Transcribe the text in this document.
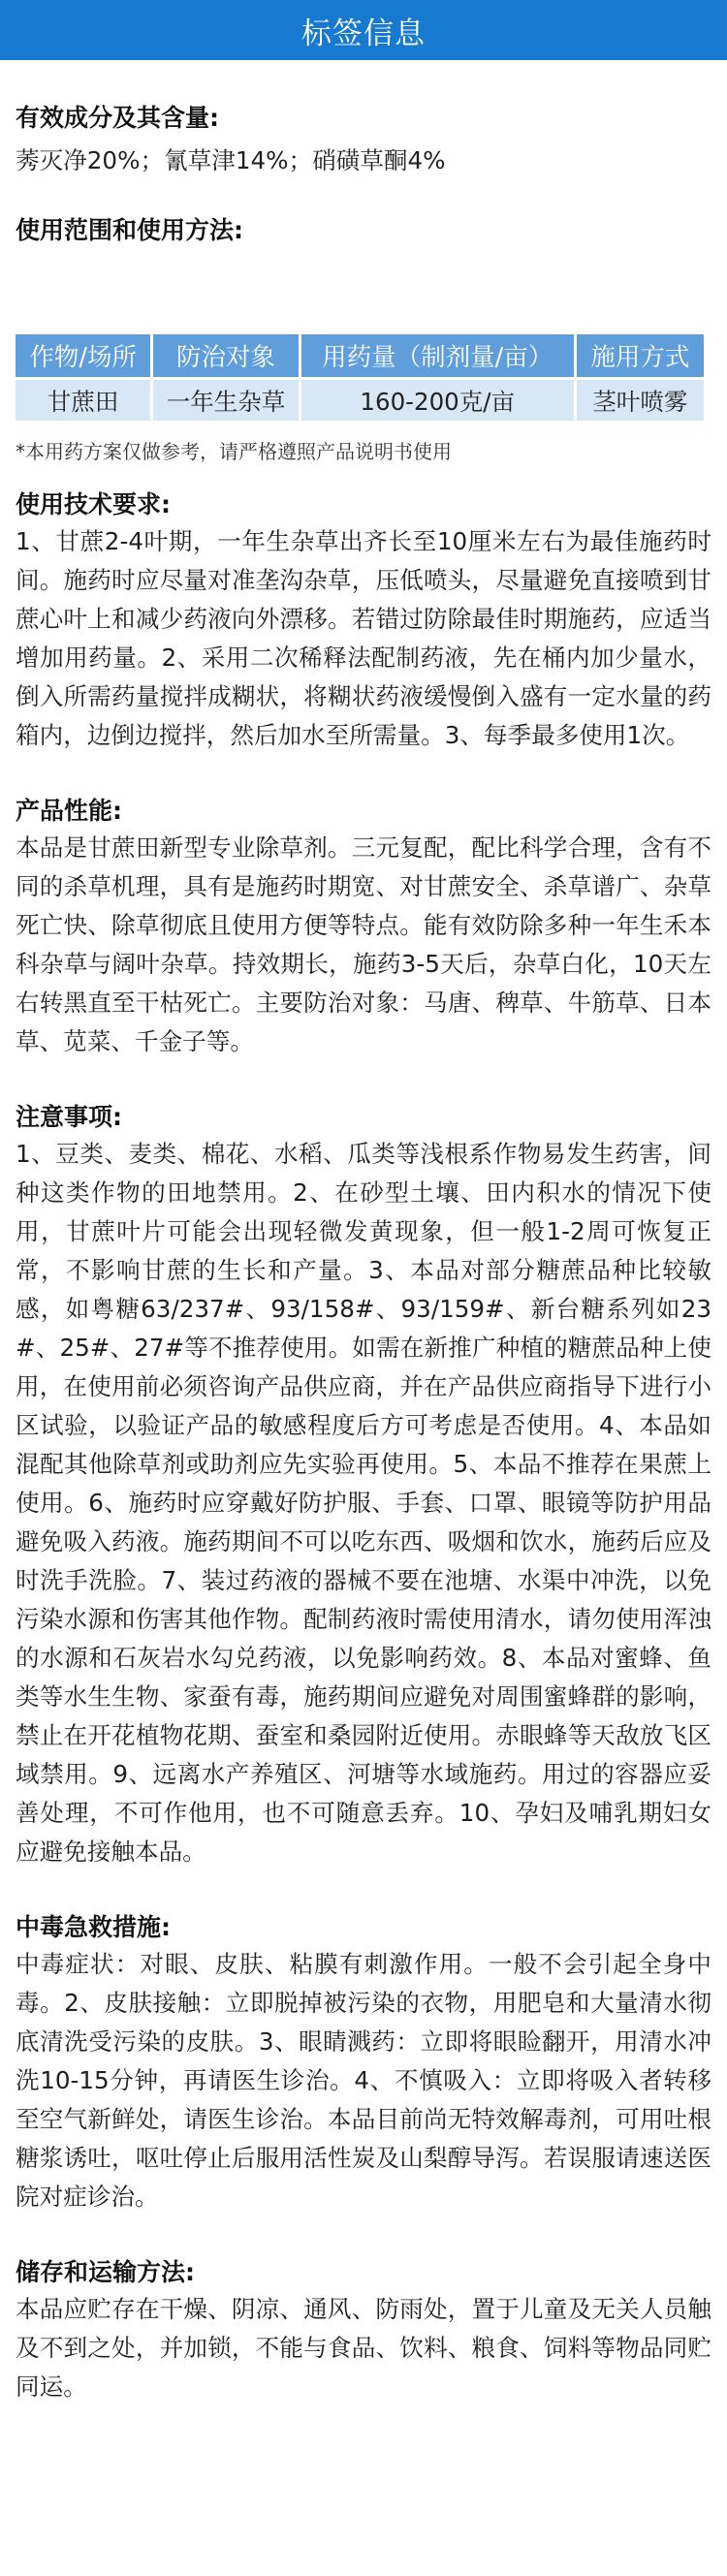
标签信息
有效成分及其含量:
莠灭净20%；氰草津14%；硝磺草酮4%
使用范围和使用方法:
作物/场所	防治对象	用药量（制剂量/亩）	施用方式
甘蔗田	一年生杂草	160-200克/亩	茎叶喷雾
*本用药方案仅做参考，请严格遵照产品说明书使用
使用技术要求:
1、甘蔗2-4叶期，一年生杂草出齐长至10厘米左右为最佳施药时间。施药时应尽量对准垄沟杂草，压低喷头，尽量避免直接喷到甘蔗心叶上和减少药液向外漂移。若错过防除最佳时期施药，应适当增加用药量。2、采用二次稀释法配制药液，先在桶内加少量水，倒入所需药量搅拌成糊状，将糊状药液缓慢倒入盛有一定水量的药箱内，边倒边搅拌，然后加水至所需量。3、每季最多使用1次。
产品性能:
本品是甘蔗田新型专业除草剂。三元复配，配比科学合理，含有不同的杀草机理，具有是施药时期宽、对甘蔗安全、杀草谱广、杂草死亡快、除草彻底且使用方便等特点。能有效防除多种一年生禾本科杂草与阔叶杂草。持效期长，施药3-5天后，杂草白化，10天左右转黑直至干枯死亡。主要防治对象：马唐、稗草、牛筋草、日本草、苋菜、千金子等。
注意事项:
1、豆类、麦类、棉花、水稻、瓜类等浅根系作物易发生药害，间种这类作物的田地禁用。2、在砂型土壤、田内积水的情况下使用，甘蔗叶片可能会出现轻微发黄现象，但一般1-2周可恢复正常，不影响甘蔗的生长和产量。3、本品对部分糖蔗品种比较敏感，如粤糖63/237#、93/158#、93/159#、新台糖系列如23#、25#、27#等不推荐使用。如需在新推广种植的糖蔗品种上使用，在使用前必须咨询产品供应商，并在产品供应商指导下进行小区试验，以验证产品的敏感程度后方可考虑是否使用。4、本品如混配其他除草剂或助剂应先实验再使用。5、本品不推荐在果蔗上使用。6、施药时应穿戴好防护服、手套、口罩、眼镜等防护用品避免吸入药液。施药期间不可以吃东西、吸烟和饮水，施药后应及时洗手洗脸。7、装过药液的器械不要在池塘、水渠中冲洗，以免污染水源和伤害其他作物。配制药液时需使用清水，请勿使用浑浊的水源和石灰岩水勾兑药液，以免影响药效。8、本品对蜜蜂、鱼类等水生生物、家蚕有毒，施药期间应避免对周围蜜蜂群的影响，禁止在开花植物花期、蚕室和桑园附近使用。赤眼蜂等天敌放飞区域禁用。9、远离水产养殖区、河塘等水域施药。用过的容器应妥善处理，不可作他用，也不可随意丢弃。10、孕妇及哺乳期妇女应避免接触本品。
中毒急救措施:
中毒症状：对眼、皮肤、粘膜有刺激作用。一般不会引起全身中毒。2、皮肤接触：立即脱掉被污染的衣物，用肥皂和大量清水彻底清洗受污染的皮肤。3、眼睛溅药：立即将眼睑翻开，用清水冲洗10-15分钟，再请医生诊治。4、不慎吸入：立即将吸入者转移至空气新鲜处，请医生诊治。本品目前尚无特效解毒剂，可用吐根糖浆诱吐，呕吐停止后服用活性炭及山梨醇导泻。若误服请速送医院对症诊治。
储存和运输方法:
本品应贮存在干燥、阴凉、通风、防雨处，置于儿童及无关人员触及不到之处，并加锁，不能与食品、饮料、粮食、饲料等物品同贮同运。
